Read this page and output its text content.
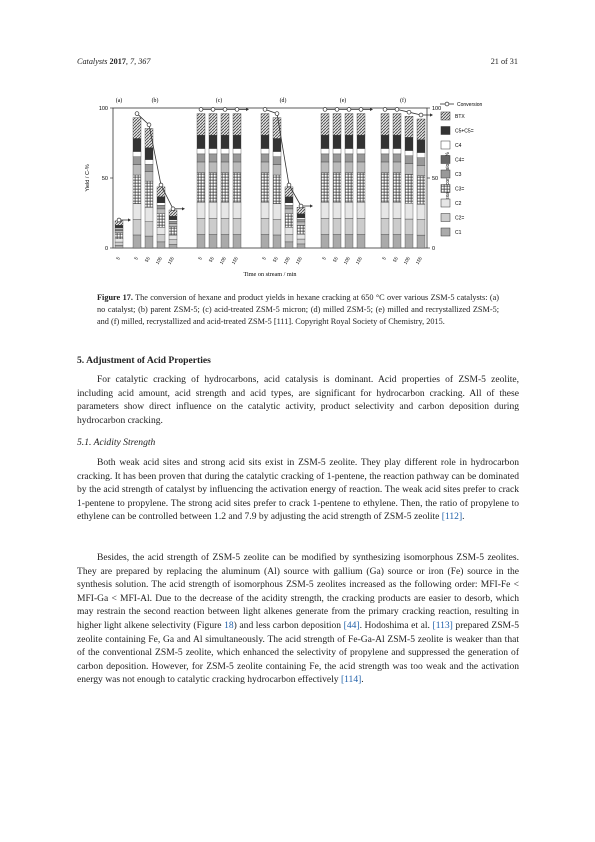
Catalysts 2017, 7, 367	21 of 31
0	0
50	50
100	100
Yield / C-%
Time on stream / min
5
(a)
5 55 105 155
(b)
5 55 105 155
(c)
5 55 105 155
(d)
5 55 105 155
(e)
5 55 105 155
(f)
Conversion
BTX
C5+C5=
C4
C4=
C3
C3=
C2
C2=
C1
Figure 17. The conversion of hexane and product yields in hexane cracking at 650 °C over various ZSM-5 catalysts: (a) no catalyst; (b) parent ZSM-5; (c) acid-treated ZSM-5 micron; (d) milled ZSM-5; (e) milled and recrystallized ZSM-5; and (f) milled, recrystallized and acid-treated ZSM-5 [111]. Copyright Royal Society of Chemistry, 2015.
5. Adjustment of Acid Properties
For catalytic cracking of hydrocarbons, acid catalysis is dominant. Acid properties of ZSM-5 zeolite, including acid amount, acid strength and acid types, are significant for hydrocarbon cracking. All of these parameters show direct influence on the catalytic activity, product selectivity and carbon deposition during hydrocarbon cracking.
5.1. Acidity Strength
Both weak acid sites and strong acid sits exist in ZSM-5 zeolite. They play different role in hydrocarbon cracking. It has been proven that during the catalytic cracking of 1-pentene, the reaction pathway can be dominated by the acid strength of catalyst by influencing the activation energy of reaction. The weak acid sites prefer to crack 1-pentene to propylene. The strong acid sites prefer to crack 1-pentene to ethylene. Then, the ratio of propylene to ethylene can be controlled between 1.2 and 7.9 by adjusting the acid strength of ZSM-5 zeolite [112].
Besides, the acid strength of ZSM-5 zeolite can be modified by synthesizing isomorphous ZSM-5 zeolites. They are prepared by replacing the aluminum (Al) source with gallium (Ga) source or iron (Fe) source in the synthesis solution. The acid strength of isomorphous ZSM-5 zeolites increased as the following order: MFI-Fe < MFI-Ga < MFI-Al. Due to the decrease of the acidity strength, the cracking products are easier to desorb, which may restrain the second reaction between light alkenes generate from the primary cracking reaction, resulting in higher light alkene selectivity (Figure 18) and less carbon deposition [44]. Hodoshima et al. [113] prepared ZSM-5 zeolite containing Fe, Ga and Al simultaneously. The acid strength of Fe-Ga-Al ZSM-5 zeolite is weaker than that of the conventional ZSM-5 zeolite, which enhanced the selectivity of propylene and suppressed the generation of carbon deposition. However, for ZSM-5 zeolite containing Fe, the acid strength was too weak and the activation energy was not enough to catalytic cracking hydrocarbon effectively [114].
